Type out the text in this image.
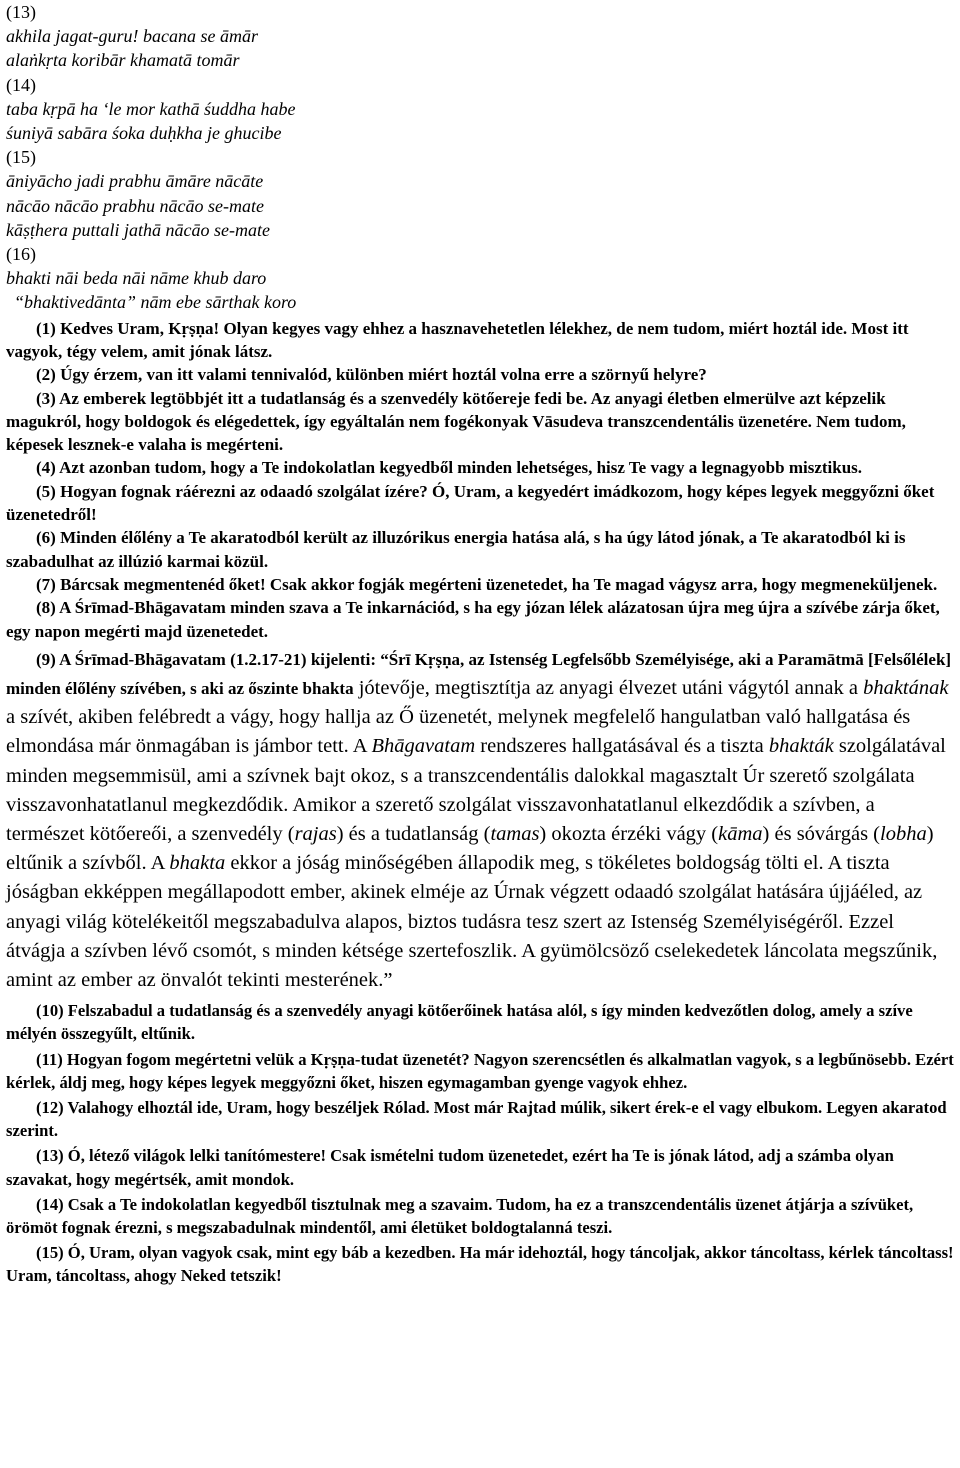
(13)
akhila jagat-guru! bacana se āmār
alaṅkṛta koribār khamatā tomār
(14)
taba kṛpā ha ‘le mor kathā śuddha habe
śuniyā sabāra śoka duḥkha je ghucibe
(15)
āniyācho jadi prabhu āmāre nācāte
nācāo nācāo prabhu nācāo se-mate
kāṣṭhera puttali jathā nācāo se-mate
(16)
bhakti nāi beda nāi nāme khub daro
“bhaktivedānta” nām ebe sārthak koro

(1) Kedves Uram, Kṛṣṇa! Olyan kegyes vagy ehhez a hasznavehetetlen lélekhez, de nem tudom, miért hoztál ide. Most itt vagyok, tégy velem, amit jónak látsz.

(2) Úgy érzem, van itt valami tennivalód, különben miért hoztál volna erre a szörnyű helyre?

(3) Az emberek legtöbbjét itt a tudatlanság és a szenvedély kötőereje fedi be. Az anyagi életben elmerülve azt képzelik magukról, hogy boldogok és elégedettek, így egyáltalán nem fogékonyak Vāsudeva transzcendentális üzenetére. Nem tudom, képesek lesznek-e valaha is megérteni.

(4) Azt azonban tudom, hogy a Te indokolatlan kegyedből minden lehetséges, hisz Te vagy a legnagyobb misztikus.

(5) Hogyan fognak ráérezni az odaadó szolgálat ízére? Ó, Uram, a kegyedért imádkozom, hogy képes legyek meggyőzni őket üzenetedről!

(6) Minden élőlény a Te akaratodból került az illuzórikus energia hatása alá, s ha úgy látod jónak, a Te akaratodból ki is szabadulhat az illúzió karmai közül.

(7) Bárcsak megmentenéd őket! Csak akkor fogják megérteni üzenetedet, ha Te magad vágysz arra, hogy megmeneküljenek.

(8) A Śrīmad-Bhāgavatam minden szava a Te inkarnációd, s ha egy józan lélek alázatosan újra meg újra a szívébe zárja őket, egy napon megérti majd üzenetedet.

(9) A Śrīmad-Bhāgavatam (1.2.17-21) kijelenti: “Śrī Kṛṣṇa, az Istenség Legfelsőbb Személyisége, aki a Paramātmā [Felsőlélek] minden élőlény szívében, s aki az őszinte bhakta jótevője, megtisztítja az anyagi élvezet utáni vágytól annak a bhaktának a szívét, akiben felébredt a vágy, hogy hallja az Ő üzenetét, melynek megfelelő hangulatban való hallgatása és elmondása már önmagában is jámbor tett. A Bhāgavatam rendszeres hallgatásával és a tiszta bhakták szolgálatával minden megsemmisül, ami a szívnek bajt okoz, s a transzcendentális dalokkal magasztalt Úr szerető szolgálata visszavonhatatlanul megkezdődik. Amikor a szerető szolgálat visszavonhatatlanul elkezdődik a szívben, a természet kötőereői, a szenvedély (rajas) és a tudatlanság (tamas) okozta érzéki vágy (kāma) és sóvárgás (lobha) eltűnik a szívből. A bhakta ekkor a jóság minőségében állapodik meg, s tökéletes boldogság tölti el. A tiszta jóságban ekképpen megállapodott ember, akinek elméje az Úrnak végzett odaadó szolgálat hatására újjáéled, az anyagi világ kötelékeitől megszabadulva alapos, biztos tudásra tesz szert az Istenség Személyiségéről. Ezzel átvágja a szívben lévő csomót, s minden kétsége szertefoszlik. A gyümölcsöző cselekedetek láncolata megszűnik, amint az ember az önvalót tekinti mesterének.”

(10) Felszabadul a tudatlanság és a szenvedély anyagi kötőerőinek hatása alól, s így minden kedvezőtlen dolog, amely a szíve mélyén összegyűlt, eltűnik.

(11) Hogyan fogom megértetni velük a Kṛṣṇa-tudat üzenetét? Nagyon szerencsétlen és alkalmatlan vagyok, s a legbűnösebb. Ezért kérlek, áldj meg, hogy képes legyek meggyőzni őket, hiszen egymagamban gyenge vagyok ehhez.

(12) Valahogy elhoztál ide, Uram, hogy beszéljek Rólad. Most már Rajtad múlik, sikert érek-e el vagy elbukom. Legyen akaratod szerint.

(13) Ó, létező világok lelki tanítómestere! Csak ismételni tudom üzenetedet, ezért ha Te is jónak látod, adj a számba olyan szavakat, hogy megértsék, amit mondok.

(14) Csak a Te indokolatlan kegyedből tisztulnak meg a szavaim. Tudom, ha ez a transzcendentális üzenet átjárja a szívüket, örömöt fognak érezni, s megszabadulnak mindentől, ami életüket boldogtalanná teszi.

(15) Ó, Uram, olyan vagyok csak, mint egy báb a kezedben. Ha már idehoztál, hogy táncoljak, akkor táncoltass, kérlek táncoltass! Uram, táncoltass, ahogy Neked tetszik!
